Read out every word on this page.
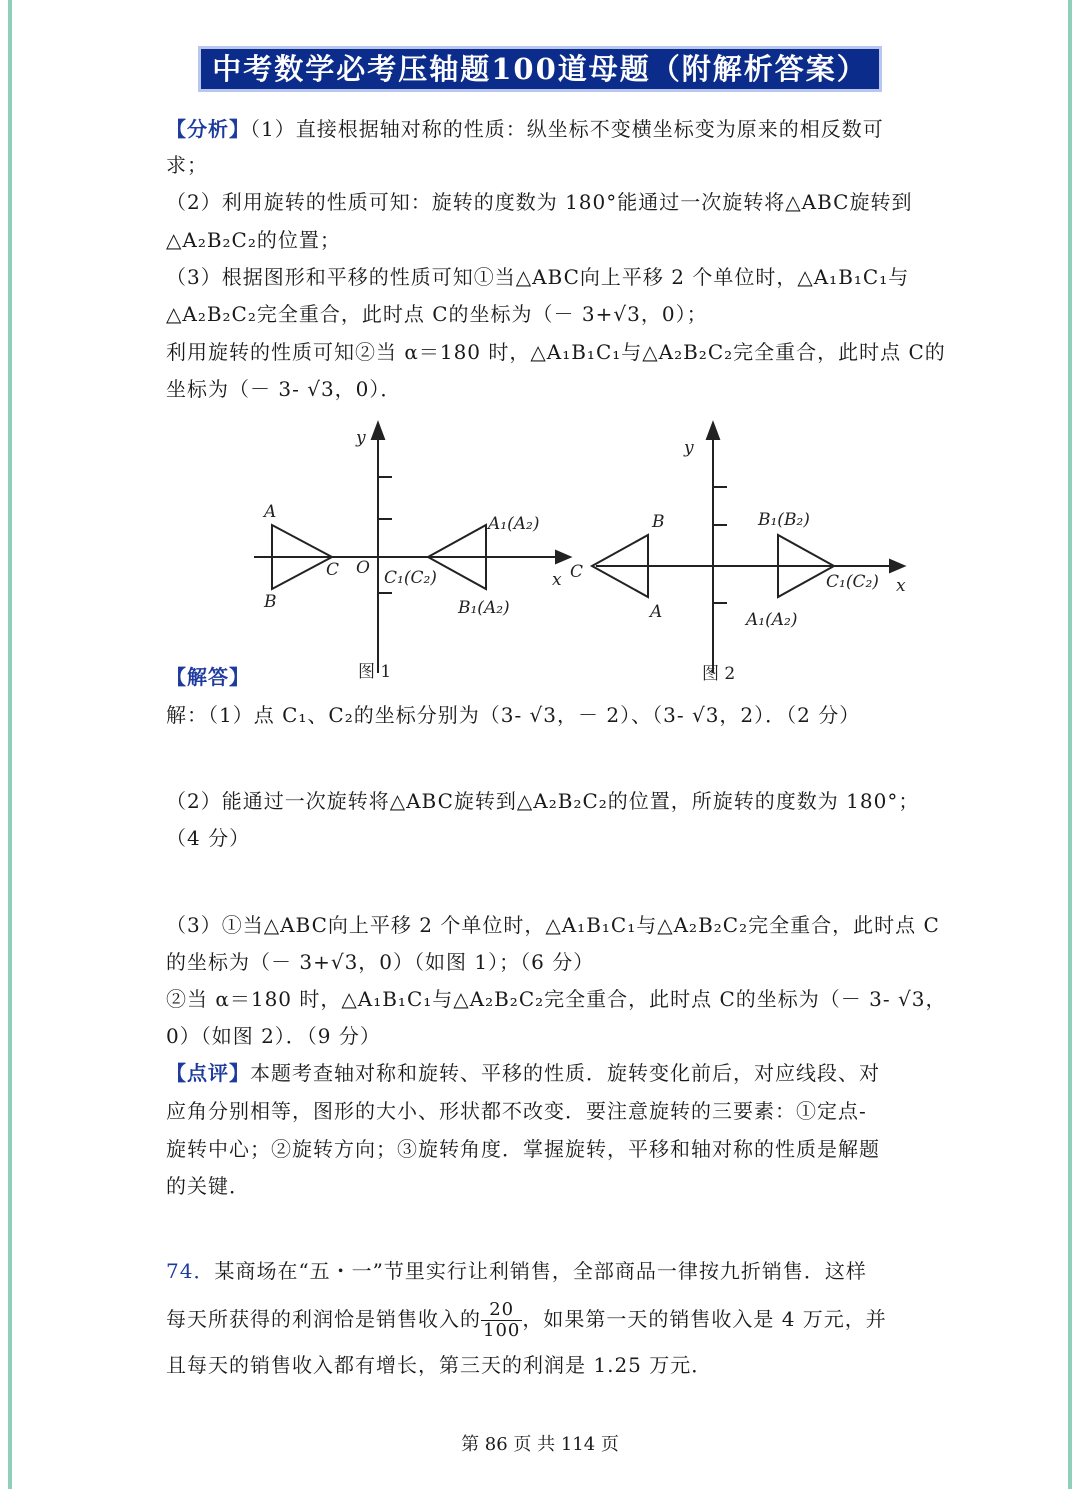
中考数学必考压轴题100道母题（附解析答案）
【分析】（1）直接根据轴对称的性质：纵坐标不变横坐标变为原来的相反数可
求；
（2）利用旋转的性质可知：旋转的度数为 180°能通过一次旋转将△ABC旋转到
△A₂B₂C₂的位置；
（3）根据图形和平移的性质可知①当△ABC向上平移 2 个单位时，△A₁B₁C₁与
△A₂B₂C₂完全重合，此时点 C的坐标为（－ 3+√3，0）；
利用旋转的性质可知②当 α＝180 时，△A₁B₁C₁与△A₂B₂C₂完全重合，此时点 C的
坐标为（－ 3- √3，0）．
y
x
O
A
B
C
A₁(A₂)
B₁(A₂)
C₁(C₂)
y
x
C
B
A
B₁(B₂)
A₁(A₂)
C₁(C₂)
图 1	图 2
【解答】
解：（1）点 C₁、C₂的坐标分别为（3- √3，－ 2）、（3- √3，2）．（2 分）
（2）能通过一次旋转将△ABC旋转到△A₂B₂C₂的位置，所旋转的度数为 180°；
（4 分）
（3）①当△ABC向上平移 2 个单位时，△A₁B₁C₁与△A₂B₂C₂完全重合，此时点 C
的坐标为（－ 3+√3，0）（如图 1）；（6 分）
②当 α＝180 时，△A₁B₁C₁与△A₂B₂C₂完全重合，此时点 C的坐标为（－ 3- √3，
0）（如图 2）．（9 分）
【点评】本题考查轴对称和旋转、平移的性质．旋转变化前后，对应线段、对
应角分别相等，图形的大小、形状都不改变．要注意旋转的三要素：①定点-
旋转中心；②旋转方向；③旋转角度．掌握旋转，平移和轴对称的性质是解题
的关键．
74．某商场在“五・一”节里实行让利销售，全部商品一律按九折销售．这样
每天所获得的利润恰是销售收入的 $\frac{20}{100}$ ，如果第一天的销售收入是 4 万元，并
且每天的销售收入都有增长，第三天的利润是 1.25 万元．
第 86 页 共 114 页
